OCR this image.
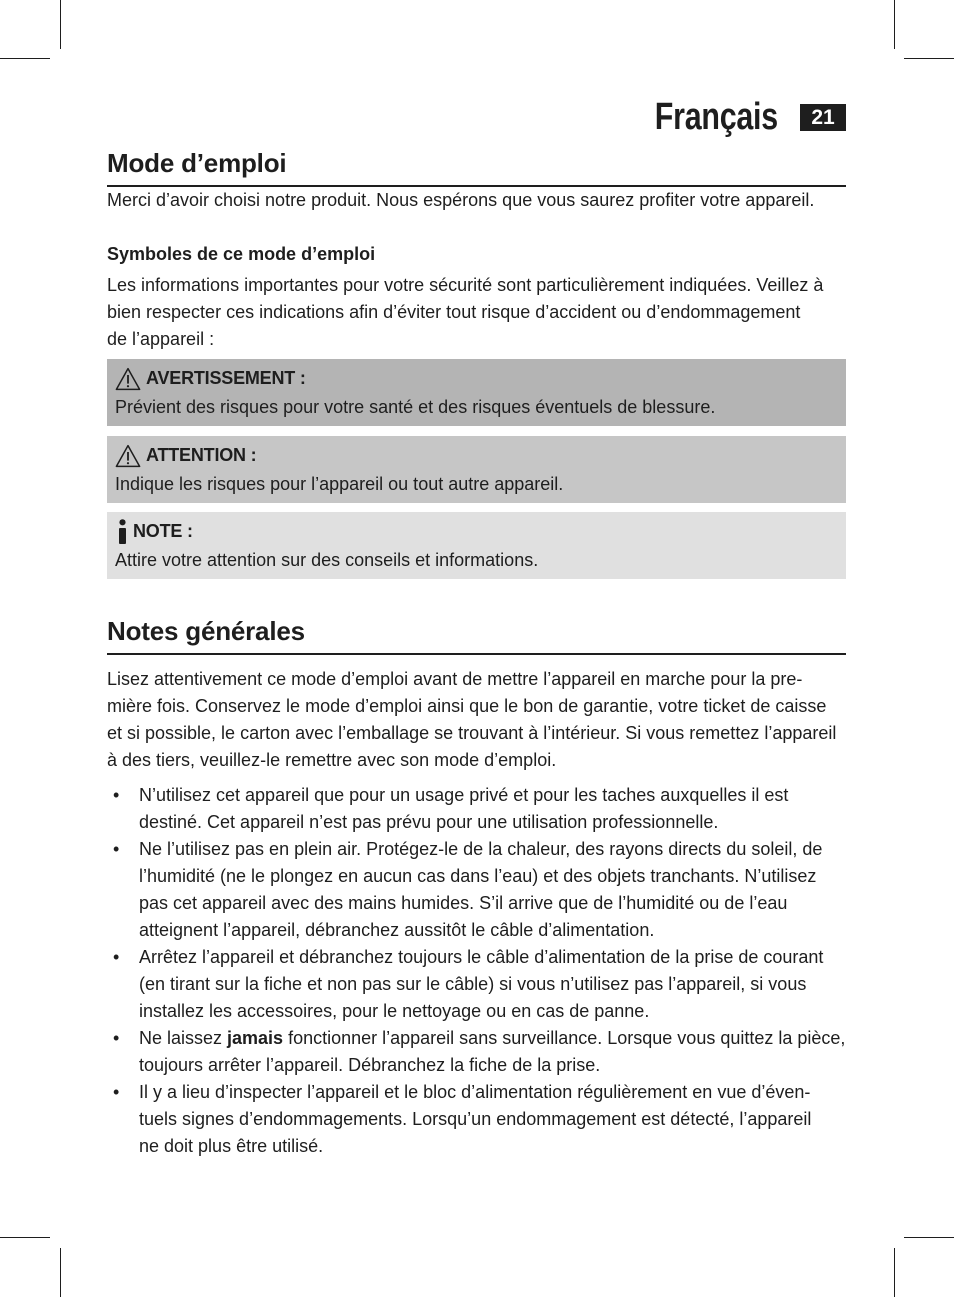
Français	21
Mode d’emploi

Merci d’avoir choisi notre produit. Nous espérons que vous saurez profiter votre appareil.

Symboles de ce mode d’emploi
Les informations importantes pour votre sécurité sont particulièrement indiquées. Veillez à
bien respecter ces indications afin d’éviter tout risque d’accident ou d’endommagement
de l’appareil :
AVERTISSEMENT :
Prévient des risques pour votre santé et des risques éventuels de blessure.
ATTENTION :
Indique les risques pour l’appareil ou tout autre appareil.
NOTE :
Attire votre attention sur des conseils et informations.
Notes générales
Lisez attentivement ce mode d’emploi avant de mettre l’appareil en marche pour la pre-
mière fois. Conservez le mode d’emploi ainsi que le bon de garantie, votre ticket de caisse
et si possible, le carton avec l’emballage se trouvant à l’intérieur. Si vous remettez l’appareil
à des tiers, veuillez-le remettre avec son mode d’emploi.
• N’utilisez cet appareil que pour un usage privé et pour les taches auxquelles il est
destiné. Cet appareil n’est pas prévu pour une utilisation professionnelle.
• Ne l’utilisez pas en plein air. Protégez-le de la chaleur, des rayons directs du soleil, de
l’humidité (ne le plongez en aucun cas dans l’eau) et des objets tranchants. N’utilisez
pas cet appareil avec des mains humides. S’il arrive que de l’humidité ou de l’eau
atteignent l’appareil, débranchez aussitôt le câble d’alimentation.
• Arrêtez l’appareil et débranchez toujours le câble d’alimentation de la prise de courant
(en tirant sur la fiche et non pas sur le câble) si vous n’utilisez pas l’appareil, si vous
installez les accessoires, pour le nettoyage ou en cas de panne.
• Ne laissez jamais fonctionner l’appareil sans surveillance. Lorsque vous quittez la pièce,
toujours arrêter l’appareil. Débranchez la fiche de la prise.
• Il y a lieu d’inspecter l’appareil et le bloc d’alimentation régulièrement en vue d’éven-
tuels signes d’endommagements. Lorsqu’un endommagement est détecté, l’appareil
ne doit plus être utilisé.
